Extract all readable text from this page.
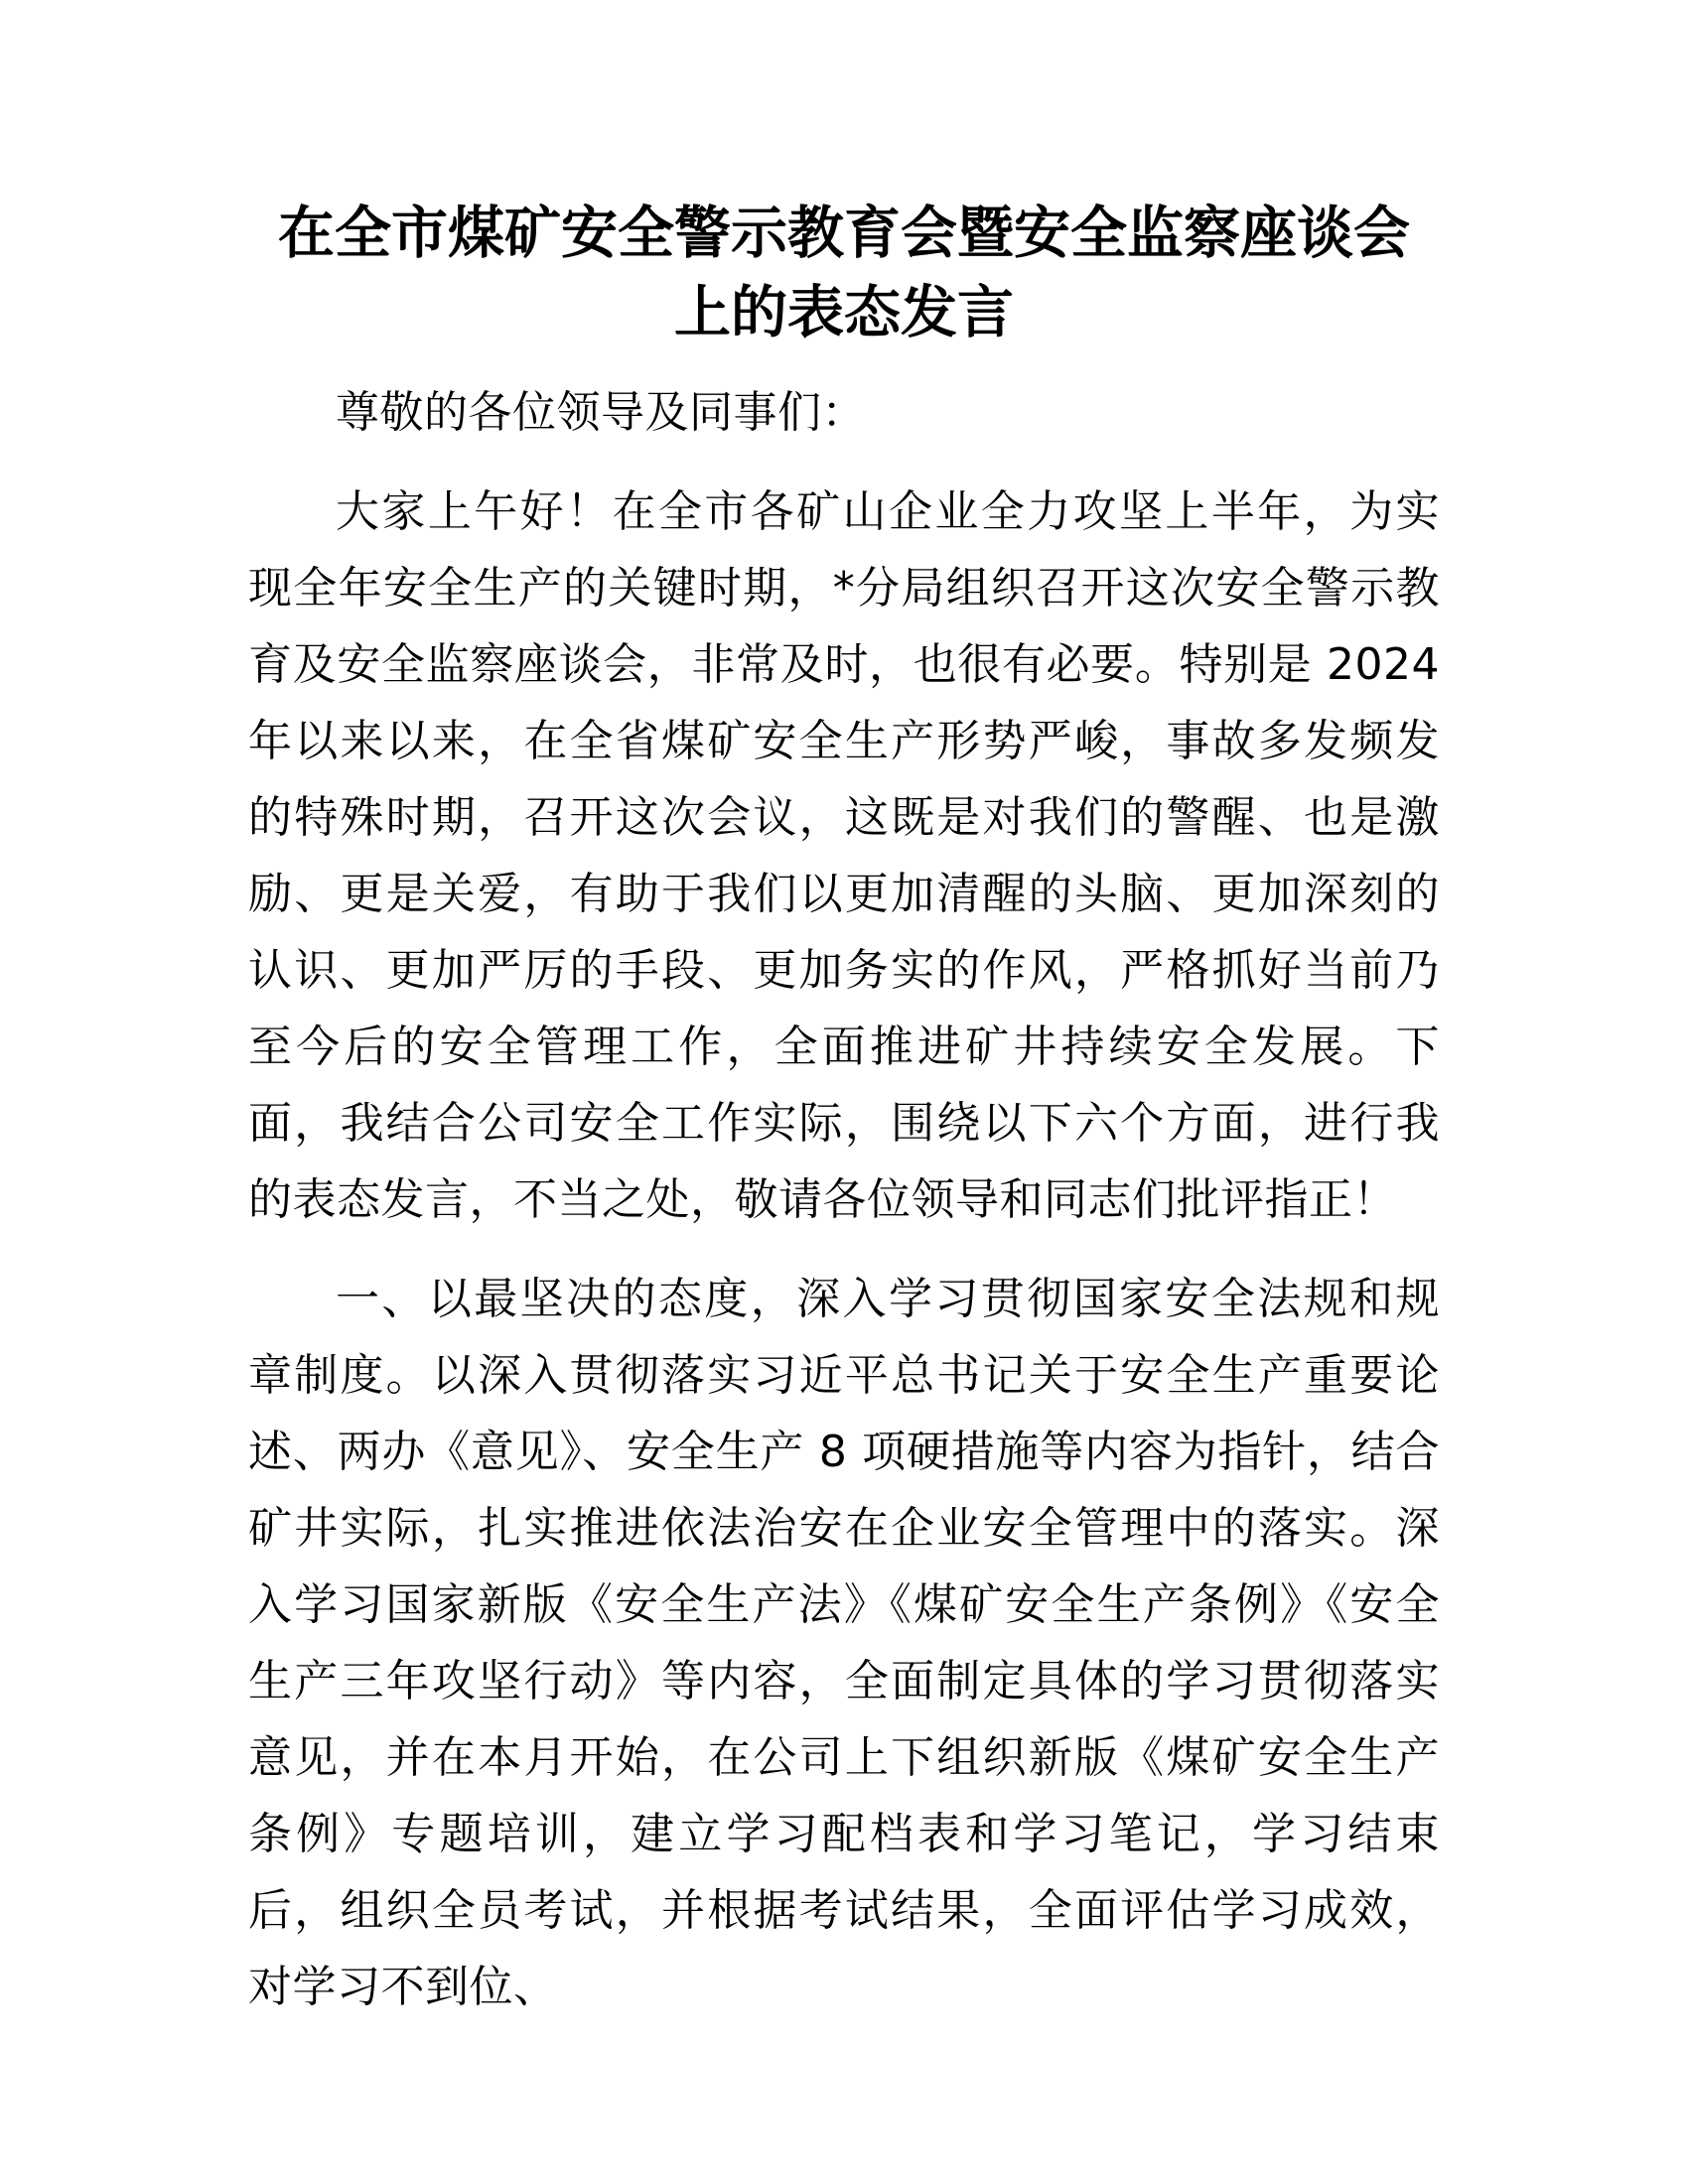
在全市煤矿安全警示教育会暨安全监察座谈会
上的表态发言

尊敬的各位领导及同事们：

大家上午好！在全市各矿山企业全力攻坚上半年，为实现全年安全生产的关键时期，*分局组织召开这次安全警示教育及安全监察座谈会，非常及时，也很有必要。特别是 2024 年以来以来，在全省煤矿安全生产形势严峻，事故多发频发的特殊时期，召开这次会议，这既是对我们的警醒、也是激励、更是关爱，有助于我们以更加清醒的头脑、更加深刻的认识、更加严厉的手段、更加务实的作风，严格抓好当前乃至今后的安全管理工作，全面推进矿井持续安全发展。下面，我结合公司安全工作实际，围绕以下六个方面，进行我的表态发言，不当之处，敬请各位领导和同志们批评指正！

一、以最坚决的态度，深入学习贯彻国家安全法规和规章制度。以深入贯彻落实习近平总书记关于安全生产重要论述、两办《意见》、安全生产 8 项硬措施等内容为指针，结合矿井实际，扎实推进依法治安在企业安全管理中的落实。深入学习国家新版《安全生产法》《煤矿安全生产条例》《安全生产三年攻坚行动》等内容，全面制定具体的学习贯彻落实意见，并在本月开始，在公司上下组织新版《煤矿安全生产条例》专题培训，建立学习配档表和学习笔记，学习结束后，组织全员考试，并根据考试结果，全面评估学习成效，对学习不到位、
